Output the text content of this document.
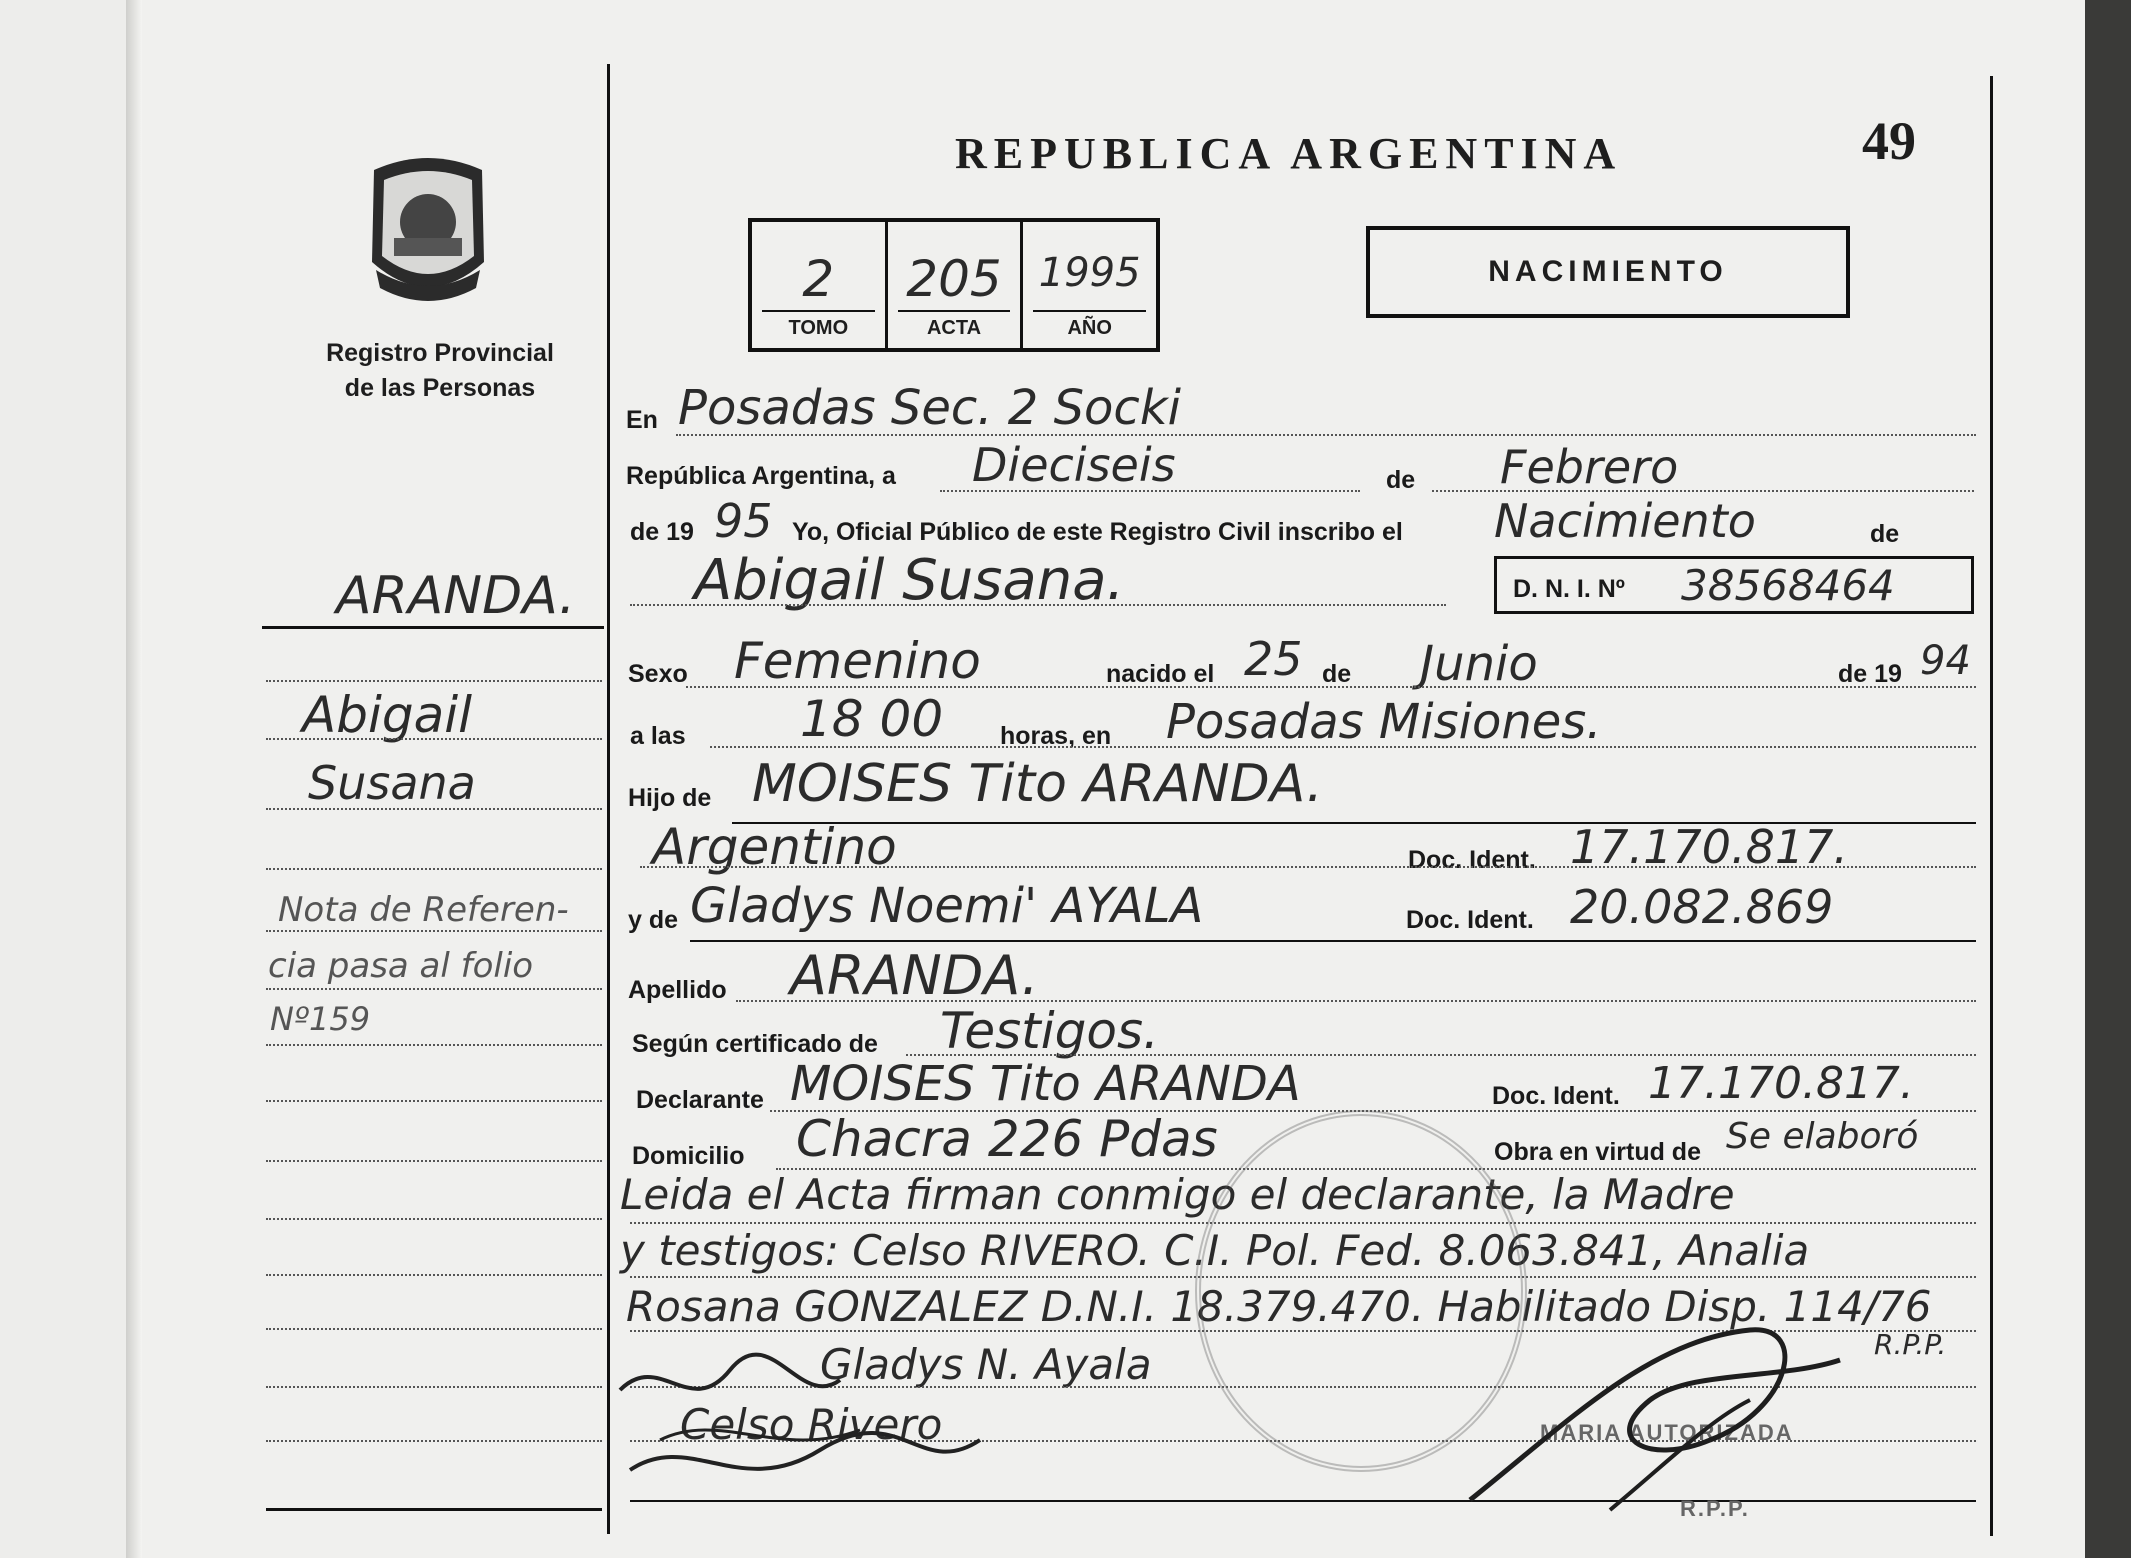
REPUBLICA ARGENTINA	49
NACIMIENTO
2
TOMO
205
ACTA
1995
AÑO
Registro Provincial
de las Personas
ARANDA.
Abigail
Susana
Nota de Referen-
cia pasa al folio
Nº159
En Posadas Sec. 2 Socki
República Argentina, a Dieciseis	de Febrero
de 19 95 Yo, Oficial Público de este Registro Civil inscribo el Nacimiento	de
Abigail Susana.	D. N. I. Nº 38568464
Sexo Femenino	nacido el 25 de Junio	de 19 94
a las 18 00 horas, en Posadas Misiones.
Hijo de MOISES Tito ARANDA.
Argentino	Doc. Ident. 17.170.817.
y de Gladys Noemi' AYALA	Doc. Ident. 20.082.869
Apellido ARANDA.
Según certificado de Testigos.
Declarante MOISES Tito ARANDA	Doc. Ident. 17.170.817.
Domicilio Chacra 226 Pdas	Obra en virtud de Se elaboró
Leida el Acta firman conmigo el declarante, la Madre
y testigos: Celso RIVERO. C.I. Pol. Fed. 8.063.841, Analia
Rosana GONZALEZ D.N.I. 18.379.470. Habilitado Disp. 114/76
R.P.P.
Gladys N. Ayala
Celso Rivero	MARIA AUTORIZADA
R.P.P.
